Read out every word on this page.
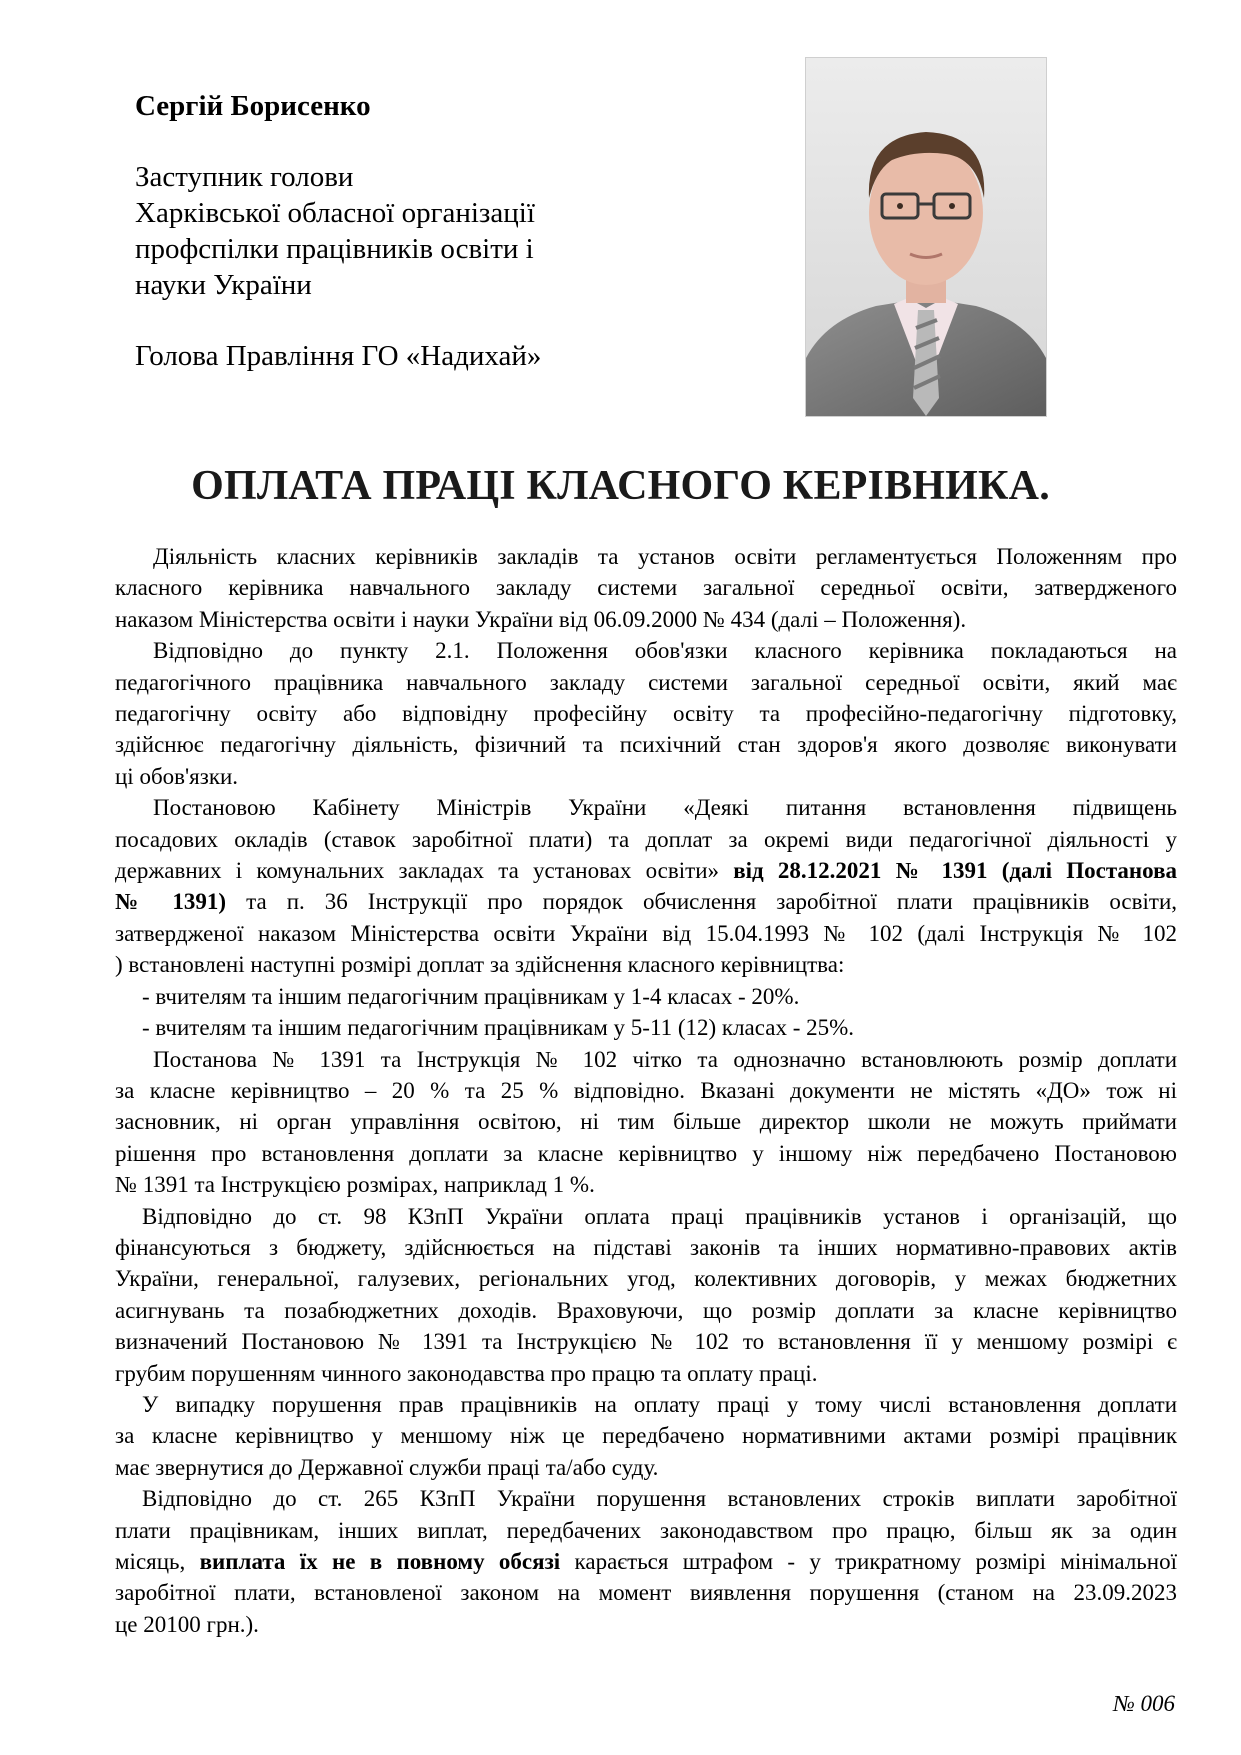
Сергій Борисенко
Заступник голови
Харківської обласної організації
профспілки працівників освіти і
науки України
Голова Правління ГО «Надихай»
ОПЛАТА ПРАЦІ КЛАСНОГО КЕРІВНИКА.
Діяльність класних керівників закладів та установ освіти регламентується Положенням про
класного керівника навчального закладу системи загальної середньої освіти, затвердженого
наказом Міністерства освіти і науки України від 06.09.2000 № 434 (далі – Положення).
Відповідно до пункту 2.1. Положення обов'язки класного керівника покладаються на
педагогічного працівника навчального закладу системи загальної середньої освіти, який має
педагогічну освіту або відповідну професійну освіту та професійно-педагогічну підготовку,
здійснює педагогічну діяльність, фізичний та психічний стан здоров'я якого дозволяє виконувати
ці обов'язки.
Постановою Кабінету Міністрів України «Деякі питання встановлення підвищень
посадових окладів (ставок заробітної плати) та доплат за окремі види педагогічної діяльності у
державних і комунальних закладах та установах освіти» від 28.12.2021 № 1391 (далі Постанова
№ 1391) та п. 36 Інструкції про порядок обчислення заробітної плати працівників освіти,
затвердженої наказом Міністерства освіти України від 15.04.1993 № 102 (далі Інструкція № 102
) встановлені наступні розмірі доплат за здійснення класного керівництва:
- вчителям та іншим педагогічним працівникам у 1-4 класах - 20%.
- вчителям та іншим педагогічним працівникам у 5-11 (12) класах - 25%.
Постанова № 1391 та Інструкція № 102 чітко та однозначно встановлюють розмір доплати
за класне керівництво – 20 % та 25 % відповідно. Вказані документи не містять «ДО» тож ні
засновник, ні орган управління освітою, ні тим більше директор школи не можуть приймати
рішення про встановлення доплати за класне керівництво у іншому ніж передбачено Постановою
№ 1391 та Інструкцією розмірах, наприклад 1 %.
Відповідно до ст. 98 КЗпП України оплата праці працівників установ і організацій, що
фінансуються з бюджету, здійснюється на підставі законів та інших нормативно-правових актів
України, генеральної, галузевих, регіональних угод, колективних договорів, у межах бюджетних
асигнувань та позабюджетних доходів. Враховуючи, що розмір доплати за класне керівництво
визначений Постановою № 1391 та Інструкцією № 102 то встановлення її у меншому розмірі є
грубим порушенням чинного законодавства про працю та оплату праці.
У випадку порушення прав працівників на оплату праці у тому числі встановлення доплати
за класне керівництво у меншому ніж це передбачено нормативними актами розмірі працівник
має звернутися до Державної служби праці та/або суду.
Відповідно до ст. 265 КЗпП України порушення встановлених строків виплати заробітної
плати працівникам, інших виплат, передбачених законодавством про працю, більш як за один
місяць, виплата їх не в повному обсязі карається штрафом - у трикратному розмірі мінімальної
заробітної плати, встановленої законом на момент виявлення порушення (станом на 23.09.2023
це 20100 грн.).
№ 006
